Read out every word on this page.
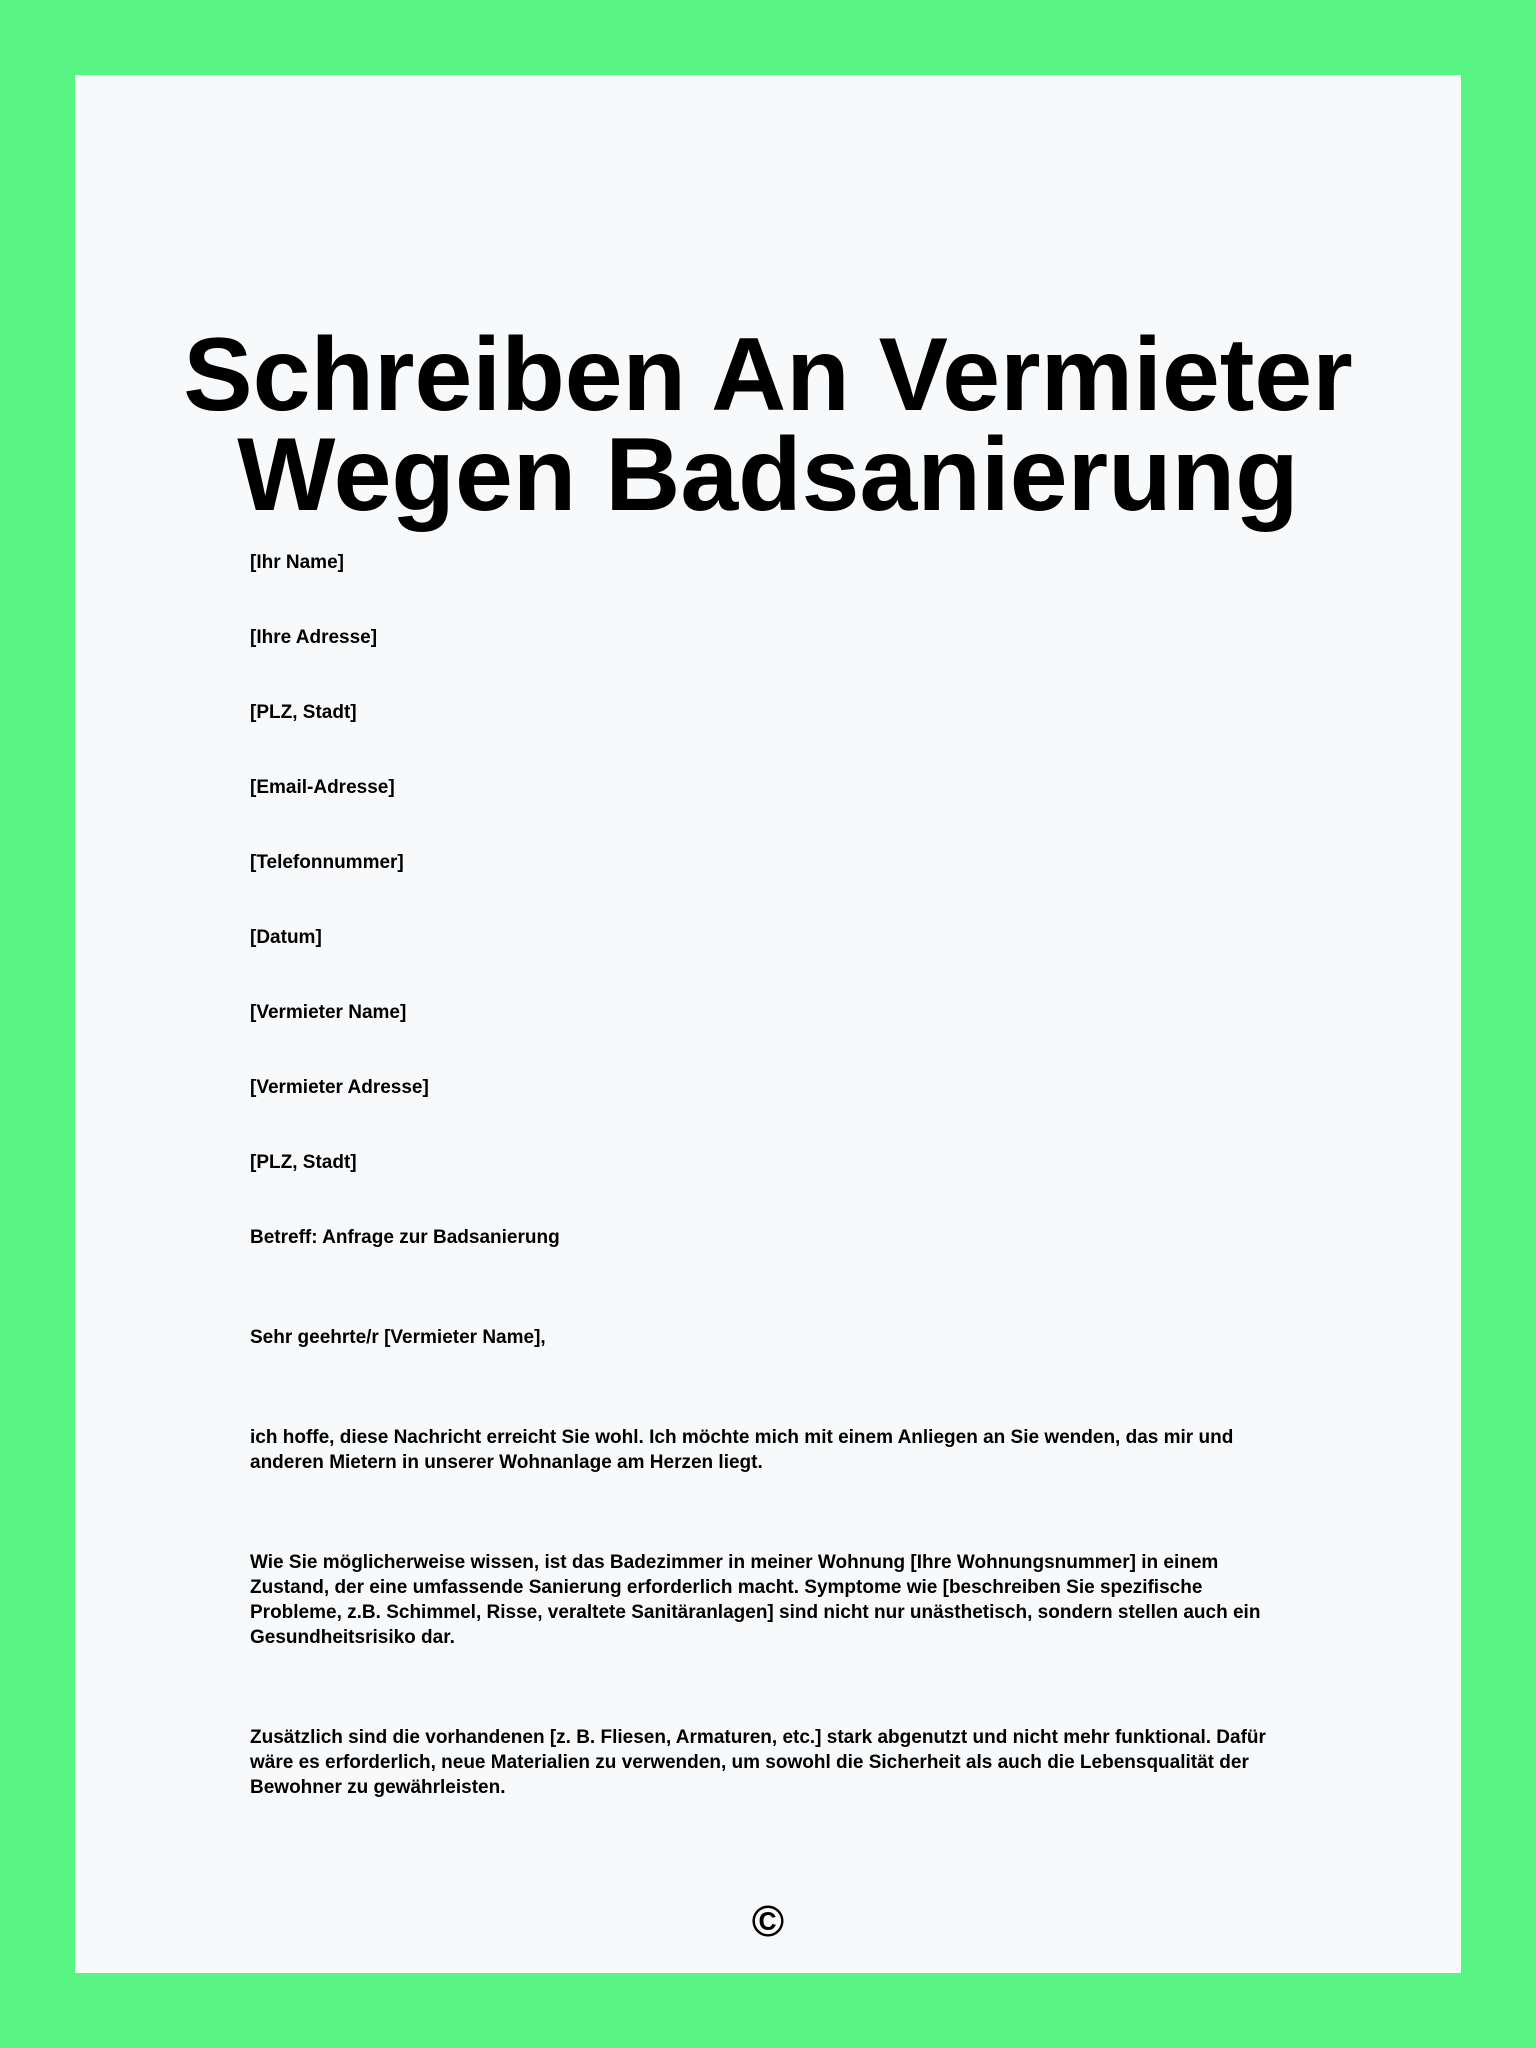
Schreiben An Vermieter
Wegen Badsanierung

[Ihr Name]

[Ihre Adresse]

[PLZ, Stadt]

[Email-Adresse]

[Telefonnummer]

[Datum]

[Vermieter Name]

[Vermieter Adresse]

[PLZ, Stadt]

Betreff: Anfrage zur Badsanierung

Sehr geehrte/r [Vermieter Name],

ich hoffe, diese Nachricht erreicht Sie wohl. Ich möchte mich mit einem Anliegen an Sie wenden, das mir und anderen Mietern in unserer Wohnanlage am Herzen liegt.

Wie Sie möglicherweise wissen, ist das Badezimmer in meiner Wohnung [Ihre Wohnungsnummer] in einem Zustand, der eine umfassende Sanierung erforderlich macht. Symptome wie [beschreiben Sie spezifische Probleme, z.B. Schimmel, Risse, veraltete Sanitäranlagen] sind nicht nur unästhetisch, sondern stellen auch ein Gesundheitsrisiko dar.

Zusätzlich sind die vorhandenen [z. B. Fliesen, Armaturen, etc.] stark abgenutzt und nicht mehr funktional. Dafür wäre es erforderlich, neue Materialien zu verwenden, um sowohl die Sicherheit als auch die Lebensqualität der Bewohner zu gewährleisten.

©
